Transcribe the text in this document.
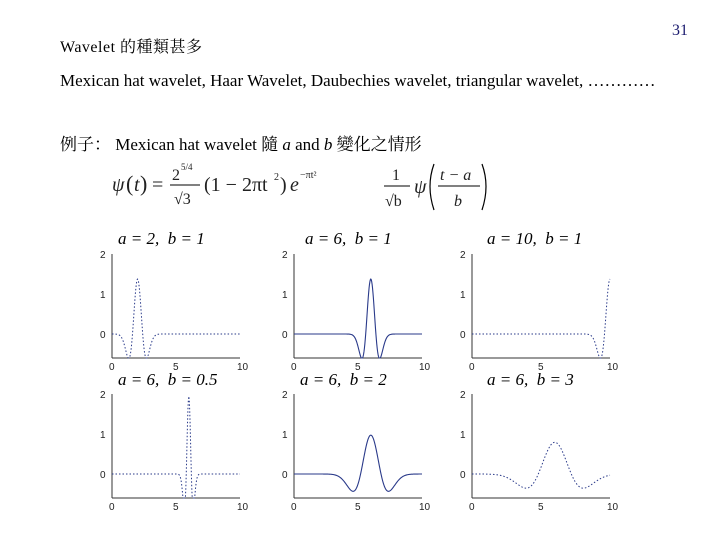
31
Wavelet 的種類甚多
Mexican hat wavelet, Haar Wavelet, Daubechies wavelet, triangular wavelet, …………
例子： Mexican hat wavelet 隨 a and b 變化之情形
ψ ( t ) = 2 5/4
√3
(1 − 2πt 2 ) e −πt²	1
√b
ψ
t − a
b
a = 2, b = 1	a = 6, b = 1	a = 10, b = 1
a = 6, b = 0.5	a = 6, b = 2	a = 6, b = 3
0
1
2
0	5	10
0
1
2
0	5	10
0
1
2
0	5	10
0
1
2
0	5	10
0
1
2
0	5	10
0
1
2
0	5	10
